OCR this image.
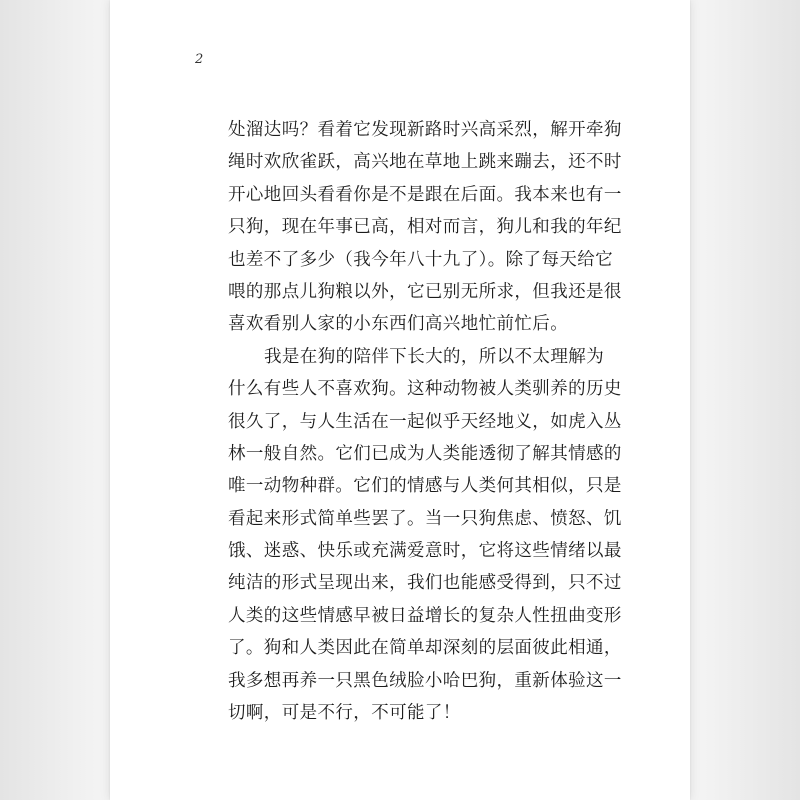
2
处溜达吗？看着它发现新路时兴高采烈，解开牵狗
绳时欢欣雀跃，高兴地在草地上跳来蹦去，还不时
开心地回头看看你是不是跟在后面。我本来也有一
只狗，现在年事已高，相对而言，狗儿和我的年纪
也差不了多少（我今年八十九了）。除了每天给它
喂的那点儿狗粮以外，它已别无所求，但我还是很
喜欢看别人家的小东西们高兴地忙前忙后。
我是在狗的陪伴下长大的，所以不太理解为
什么有些人不喜欢狗。这种动物被人类驯养的历史
很久了，与人生活在一起似乎天经地义，如虎入丛
林一般自然。它们已成为人类能透彻了解其情感的
唯一动物种群。它们的情感与人类何其相似，只是
看起来形式简单些罢了。当一只狗焦虑、愤怒、饥
饿、迷惑、快乐或充满爱意时，它将这些情绪以最
纯洁的形式呈现出来，我们也能感受得到，只不过
人类的这些情感早被日益增长的复杂人性扭曲变形
了。狗和人类因此在简单却深刻的层面彼此相通，
我多想再养一只黑色绒脸小哈巴狗，重新体验这一
切啊，可是不行，不可能了！
